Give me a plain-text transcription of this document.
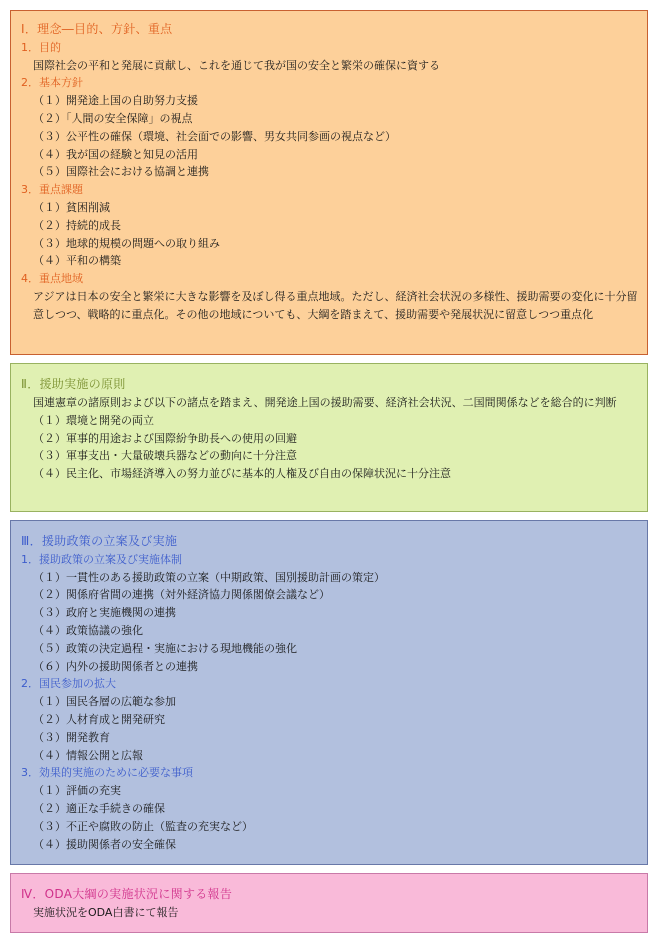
Ⅰ．理念―目的、方針、重点
1．目的
国際社会の平和と発展に貢献し、これを通じて我が国の安全と繁栄の確保に資する
2．基本方針
（１）開発途上国の自助努力支援
（２）「人間の安全保障」の視点
（３）公平性の確保（環境、社会面での影響、男女共同参画の視点など）
（４）我が国の経験と知見の活用
（５）国際社会における協調と連携
3．重点課題
（１）貧困削減
（２）持続的成長
（３）地球的規模の問題への取り組み
（４）平和の構築
4．重点地域
アジアは日本の安全と繁栄に大きな影響を及ぼし得る重点地域。ただし、経済社会状況の多様性、援助需要の変化に十分留意しつつ、戦略的に重点化。その他の地域についても、大綱を踏まえて、援助需要や発展状況に留意しつつ重点化
Ⅱ．援助実施の原則
国連憲章の諸原則および以下の諸点を踏まえ、開発途上国の援助需要、経済社会状況、二国間関係などを総合的に判断
（１）環境と開発の両立
（２）軍事的用途および国際紛争助長への使用の回避
（３）軍事支出・大量破壊兵器などの動向に十分注意
（４）民主化、市場経済導入の努力並びに基本的人権及び自由の保障状況に十分注意
Ⅲ．援助政策の立案及び実施
1．援助政策の立案及び実施体制
（１）一貫性のある援助政策の立案（中期政策、国別援助計画の策定）
（２）関係府省間の連携（対外経済協力関係閣僚会議など）
（３）政府と実施機関の連携
（４）政策協議の強化
（５）政策の決定過程・実施における現地機能の強化
（６）内外の援助関係者との連携
2．国民参加の拡大
（１）国民各層の広範な参加
（２）人材育成と開発研究
（３）開発教育
（４）情報公開と広報
3．効果的実施のために必要な事項
（１）評価の充実
（２）適正な手続きの確保
（３）不正や腐敗の防止（監査の充実など）
（４）援助関係者の安全確保
Ⅳ．ODA大綱の実施状況に関する報告
実施状況をODA白書にて報告
